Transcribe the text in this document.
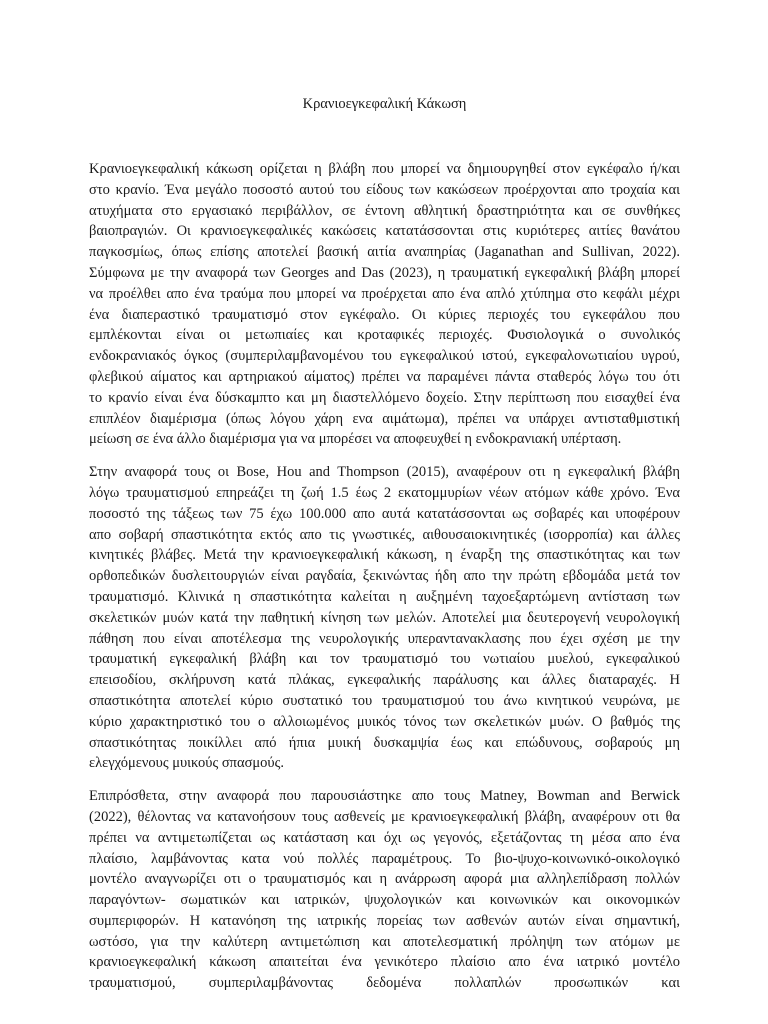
Κρανιοεγκεφαλική Κάκωση
Κρανιοεγκεφαλική κάκωση ορίζεται η βλάβη που μπορεί να δημιουργηθεί στον εγκέφαλο ή/και
στο κρανίο. Ένα μεγάλο ποσοστό αυτού του είδους των κακώσεων προέρχονται απο τροχαία και
ατυχήματα στο εργασιακό περιβάλλον, σε έντονη αθλητική δραστηριότητα και σε συνθήκες
βαιοπραγιών. Οι κρανιοεγκεφαλικές κακώσεις κατατάσσονται στις κυριότερες αιτίες θανάτου
παγκοσμίως, όπως επίσης αποτελεί βασική αιτία αναπηρίας (Jaganathan and Sullivan, 2022).
Σύμφωνα με την αναφορά των Georges and Das (2023), η τραυματική εγκεφαλική βλάβη μπορεί
να προέλθει απο ένα τραύμα που μπορεί να προέρχεται απο ένα απλό χτύπημα στο κεφάλι μέχρι
ένα διαπεραστικό τραυματισμό στον εγκέφαλο. Οι κύριες περιοχές του εγκεφάλου που
εμπλέκονται είναι οι μετωπιαίες και κροταφικές περιοχές. Φυσιολογικά ο συνολικός
ενδοκρανιακός όγκος (συμπεριλαμβανομένου του εγκεφαλικού ιστού, εγκεφαλονωτιαίου υγρού,
φλεβικού αίματος και αρτηριακού αίματος) πρέπει να παραμένει πάντα σταθερός λόγω του ότι
το κρανίο είναι ένα δύσκαμπτο και μη διαστελλόμενο δοχείο. Στην περίπτωση που εισαχθεί ένα
επιπλέον διαμέρισμα (όπως λόγου χάρη ενα αιμάτωμα), πρέπει να υπάρχει αντισταθμιστική
μείωση σε ένα άλλο διαμέρισμα για να μπορέσει να αποφευχθεί η ενδοκρανιακή υπέρταση.
Στην αναφορά τους οι Bose, Hou and Thompson (2015), αναφέρουν οτι η εγκεφαλική βλάβη
λόγω τραυματισμού επηρεάζει τη ζωή 1.5 έως 2 εκατομμυρίων νέων ατόμων κάθε χρόνο. Ένα
ποσοστό της τάξεως των 75 έχω 100.000 απο αυτά κατατάσσονται ως σοβαρές και υποφέρουν
απο σοβαρή σπαστικότητα εκτός απο τις γνωστικές, αιθουσαιοκινητικές (ισορροπία) και άλλες
κινητικές βλάβες. Μετά την κρανιοεγκεφαλική κάκωση, η έναρξη της σπαστικότητας και των
ορθοπεδικών δυσλειτουργιών είναι ραγδαία, ξεκινώντας ήδη απο την πρώτη εβδομάδα μετά τον
τραυματισμό. Κλινικά η σπαστικότητα καλείται η αυξημένη ταχοεξαρτώμενη αντίσταση των
σκελετικών μυών κατά την παθητική κίνηση των μελών. Αποτελεί μια δευτερογενή νευρολογική
πάθηση που είναι αποτέλεσμα της νευρολογικής υπεραντανακλασης που έχει σχέση με την
τραυματική εγκεφαλική βλάβη και τον τραυματισμό του νωτιαίου μυελού, εγκεφαλικού
επεισοδίου, σκλήρυνση κατά πλάκας, εγκεφαλικής παράλυσης και άλλες διαταραχές. Η
σπαστικότητα αποτελεί κύριο συστατικό του τραυματισμού του άνω κινητικού νευρώνα, με
κύριο χαρακτηριστικό του ο αλλοιωμένος μυικός τόνος των σκελετικών μυών. Ο βαθμός της
σπαστικότητας ποικίλλει από ήπια μυική δυσκαμψία έως και επώδυνους, σοβαρούς μη
ελεγχόμενους μυικούς σπασμούς.
Επιπρόσθετα, στην αναφορά που παρουσιάστηκε απο τους Matney, Bowman and Berwick
(2022), θέλοντας να κατανοήσουν τους ασθενείς με κρανιοεγκεφαλική βλάβη, αναφέρουν οτι θα
πρέπει να αντιμετωπίζεται ως κατάσταση και όχι ως γεγονός, εξετάζοντας τη μέσα απο ένα
πλαίσιο, λαμβάνοντας κατα νού πολλές παραμέτρους. Το βιο-ψυχο-κοινωνικό-οικολογικό
μοντέλο αναγνωρίζει οτι ο τραυματισμός και η ανάρρωση αφορά μια αλληλεπίδραση πολλών
παραγόντων- σωματικών και ιατρικών, ψυχολογικών και κοινωνικών και οικονομικών
συμπεριφορών. Η κατανόηση της ιατρικής πορείας των ασθενών αυτών είναι σημαντική,
ωστόσο, για την καλύτερη αντιμετώπιση και αποτελεσματική πρόληψη των ατόμων με
κρανιοεγκεφαλική κάκωση απαιτείται ένα γενικότερο πλαίσιο απο ένα ιατρικό μοντέλο
τραυματισμού, συμπεριλαμβάνοντας δεδομένα πολλαπλών προσωπικών και
